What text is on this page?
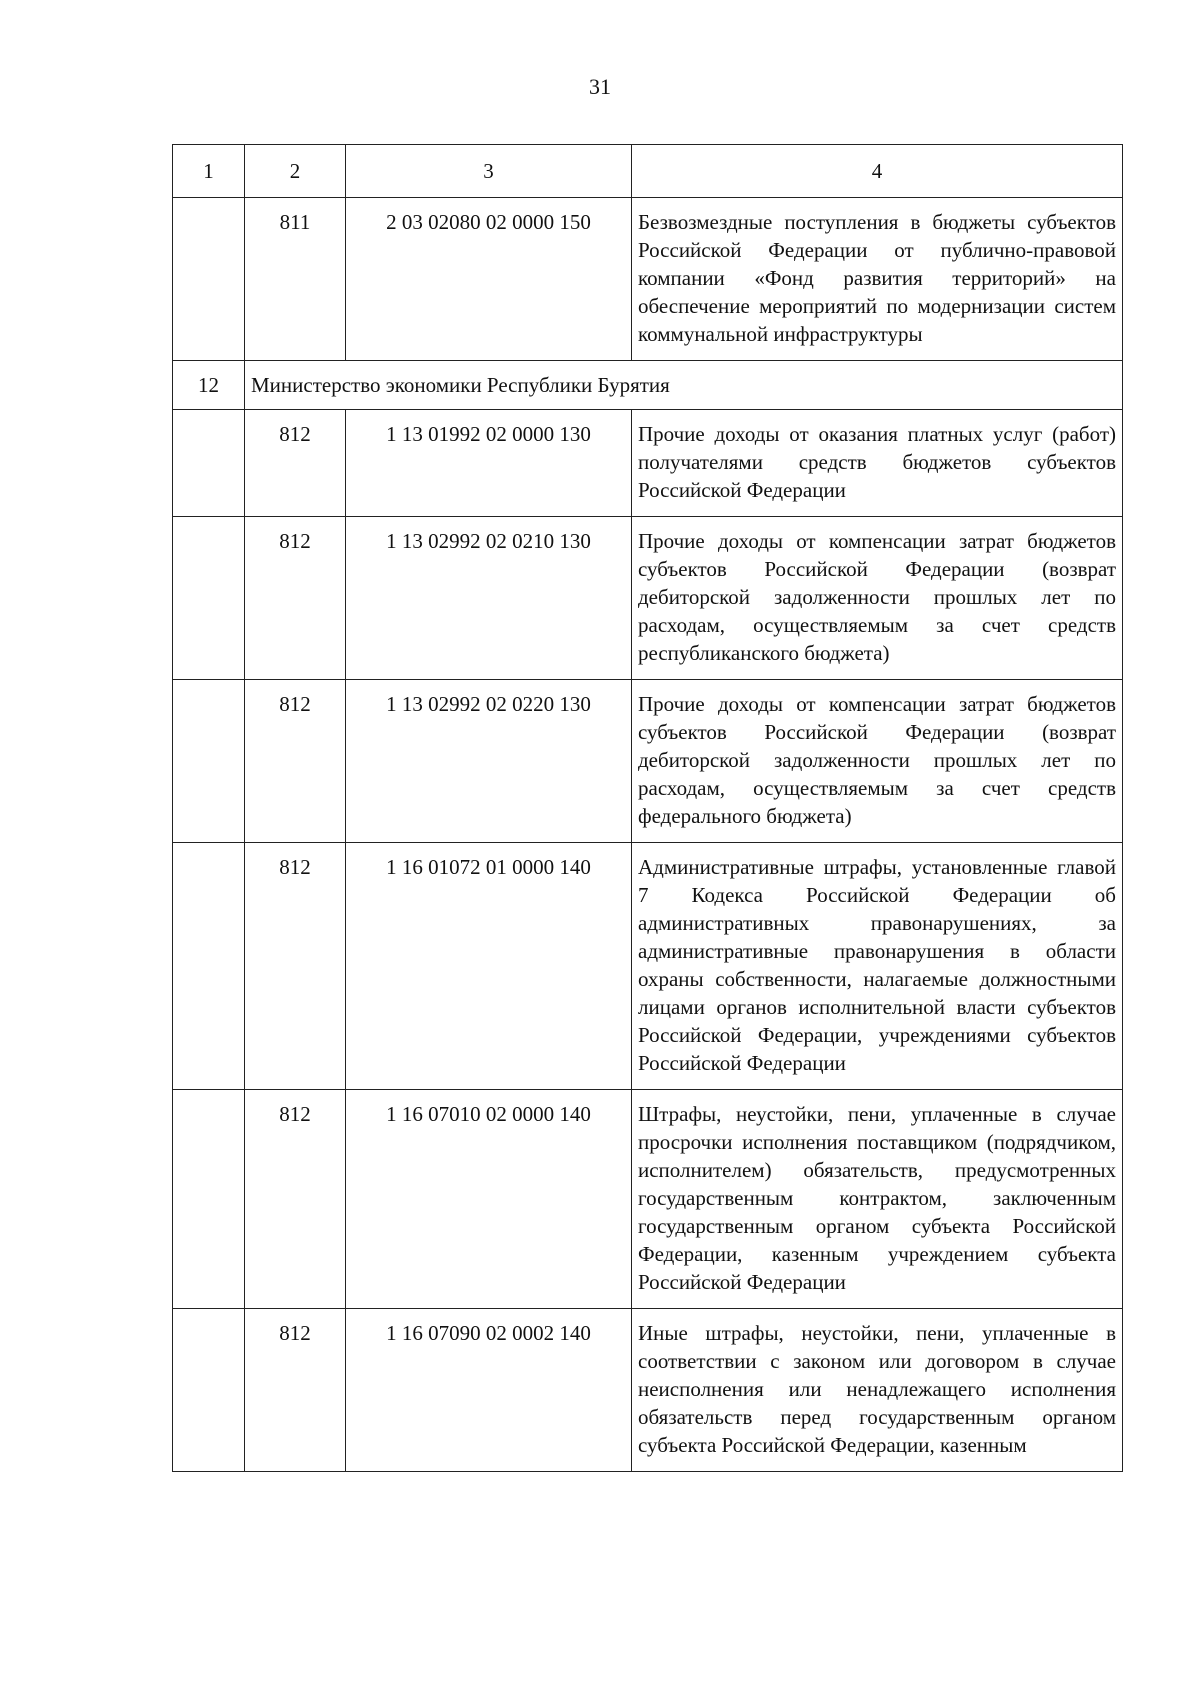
31
1	2	3	4
	811	2 03 02080 02 0000 150	Безвозмездные поступления в бюджеты субъектов Российской Федерации от публично-правовой компании «Фонд развития территорий» на обеспечение мероприятий по модернизации систем коммунальной инфраструктуры
12	Министерство экономики Республики Бурятия		
	812	1 13 01992 02 0000 130	Прочие доходы от оказания платных услуг (работ) получателями средств бюджетов субъектов Российской Федерации
	812	1 13 02992 02 0210 130	Прочие доходы от компенсации затрат бюджетов субъектов Российской Федерации (возврат дебиторской задолженности прошлых лет по расходам, осуществляемым за счет средств республиканского бюджета)
	812	1 13 02992 02 0220 130	Прочие доходы от компенсации затрат бюджетов субъектов Российской Федерации (возврат дебиторской задолженности прошлых лет по расходам, осуществляемым за счет средств федерального бюджета)
	812	1 16 01072 01 0000 140	Административные штрафы, установленные главой 7 Кодекса Российской Федерации об административных правонарушениях, за административные правонарушения в области охраны собственности, налагаемые должностными лицами органов исполнительной власти субъектов Российской Федерации, учреждениями субъектов Российской Федерации
	812	1 16 07010 02 0000 140	Штрафы, неустойки, пени, уплаченные в случае просрочки исполнения поставщиком (подрядчиком, исполнителем) обязательств, предусмотренных государственным контрактом, заключенным государственным органом субъекта Российской Федерации, казенным учреждением субъекта Российской Федерации
	812	1 16 07090 02 0002 140	Иные штрафы, неустойки, пени, уплаченные в соответствии с законом или договором в случае неисполнения или ненадлежащего исполнения обязательств перед государственным органом субъекта Российской Федерации, казенным
